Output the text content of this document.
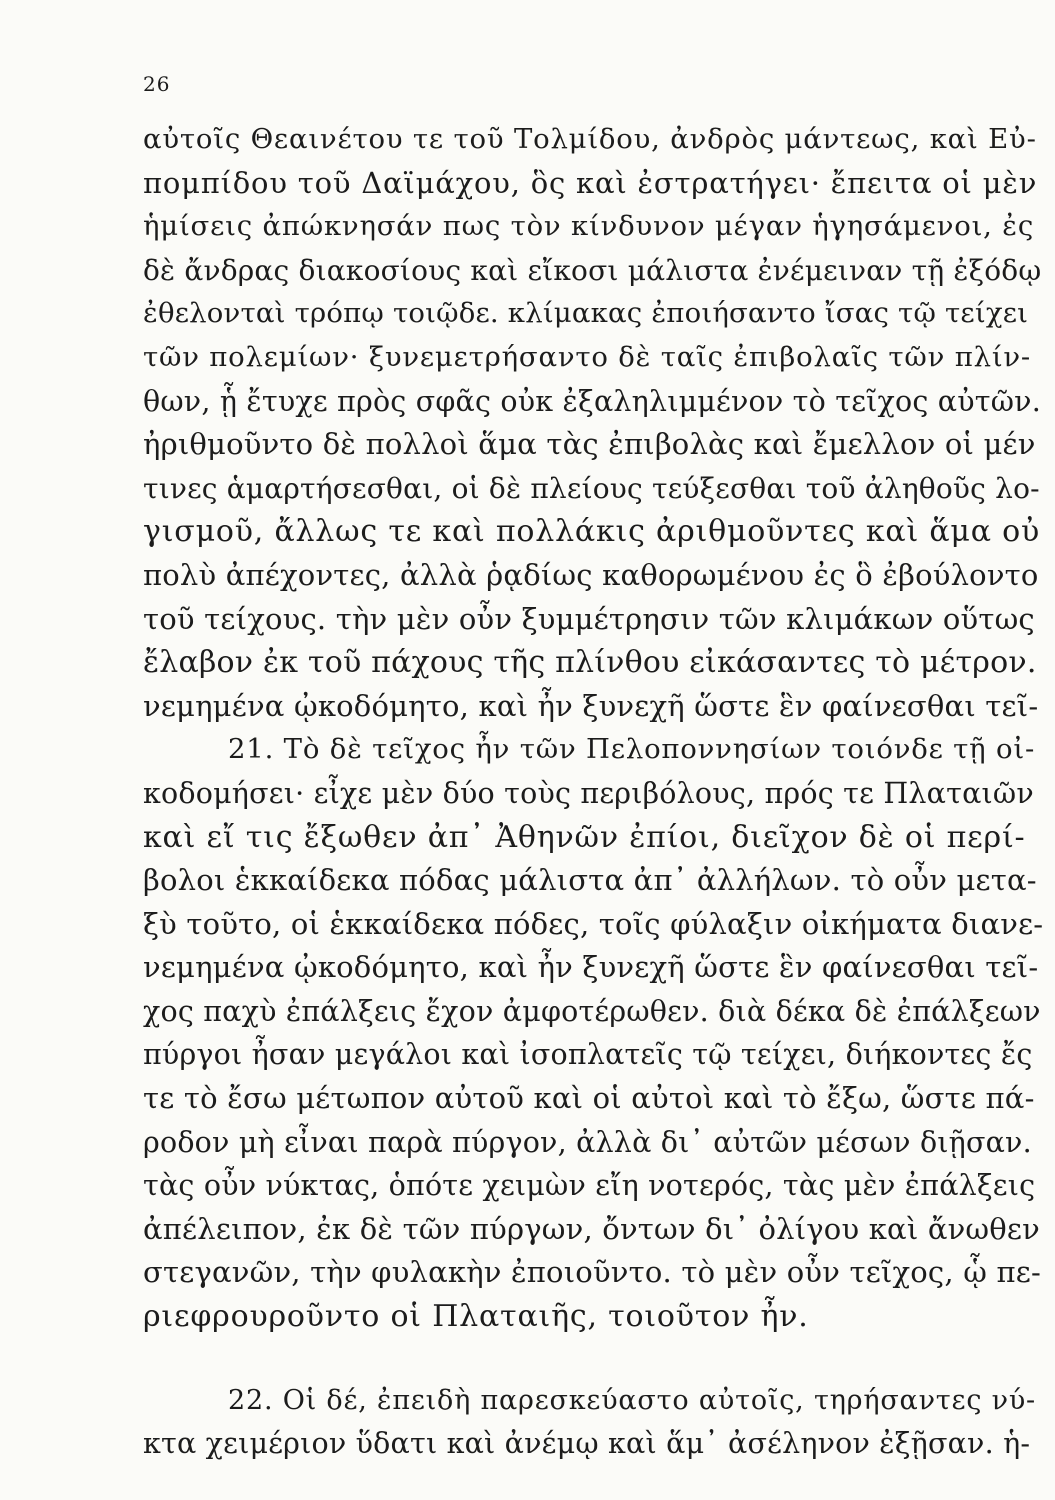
26
αὐτοῖς Θεαινέτου τε τοῦ Τολμίδου, ἀνδρὸς μάντεως, καὶ Εὐ-
πομπίδου τοῦ Δαϊμάχου, ὃς καὶ ἐστρατήγει· ἔπειτα οἱ μὲν
ἡμίσεις ἀπώκνησάν πως τὸν κίνδυνον μέγαν ἡγησάμενοι, ἐς
δὲ ἄνδρας διακοσίους καὶ εἴκοσι μάλιστα ἐνέμειναν τῇ ἐξόδῳ
ἐθελονταὶ τρόπῳ τοιῷδε. κλίμακας ἐποιήσαντο ἴσας τῷ τείχει
τῶν πολεμίων· ξυνεμετρήσαντο δὲ ταῖς ἐπιβολαῖς τῶν πλίν-
θων, ᾗ ἔτυχε πρὸς σφᾶς οὐκ ἐξαληλιμμένον τὸ τεῖχος αὐτῶν.
ἠριθμοῦντο δὲ πολλοὶ ἅμα τὰς ἐπιβολὰς καὶ ἔμελλον οἱ μέν
τινες ἁμαρτήσεσθαι, οἱ δὲ πλείους τεύξεσθαι τοῦ ἀληθοῦς λο-
γισμοῦ, ἄλλως τε καὶ πολλάκις ἀριθμοῦντες καὶ ἅμα οὐ
πολὺ ἀπέχοντες, ἀλλὰ ῥᾳδίως καθορωμένου ἐς ὃ ἐβούλοντο
τοῦ τείχους. τὴν μὲν οὖν ξυμμέτρησιν τῶν κλιμάκων οὕτως
ἔλαβον ἐκ τοῦ πάχους τῆς πλίνθου εἰκάσαντες τὸ μέτρον.
νεμημένα ᾠκοδόμητο, καὶ ἦν ξυνεχῆ ὥστε ἓν φαίνεσθαι τεῖ-
21. Τὸ δὲ τεῖχος ἦν τῶν Πελοποννησίων τοιόνδε τῇ οἰ-
κοδομήσει· εἶχε μὲν δύο τοὺς περιβόλους, πρός τε Πλαταιῶν
καὶ εἴ τις ἔξωθεν ἀπ᾽ Ἀθηνῶν ἐπίοι, διεῖχον δὲ οἱ περί-
βολοι ἑκκαίδεκα πόδας μάλιστα ἀπ᾽ ἀλλήλων. τὸ οὖν μετα-
ξὺ τοῦτο, οἱ ἑκκαίδεκα πόδες, τοῖς φύλαξιν οἰκήματα διανε-
νεμημένα ᾠκοδόμητο, καὶ ἦν ξυνεχῆ ὥστε ἓν φαίνεσθαι τεῖ-
χος παχὺ ἐπάλξεις ἔχον ἀμφοτέρωθεν. διὰ δέκα δὲ ἐπάλξεων
πύργοι ἦσαν μεγάλοι καὶ ἰσοπλατεῖς τῷ τείχει, διήκοντες ἔς
τε τὸ ἔσω μέτωπον αὐτοῦ καὶ οἱ αὐτοὶ καὶ τὸ ἔξω, ὥστε πά-
ροδον μὴ εἶναι παρὰ πύργον, ἀλλὰ δι᾽ αὐτῶν μέσων διῇσαν.
τὰς οὖν νύκτας, ὁπότε χειμὼν εἴη νοτερός, τὰς μὲν ἐπάλξεις
ἀπέλειπον, ἐκ δὲ τῶν πύργων, ὄντων δι᾽ ὀλίγου καὶ ἄνωθεν
στεγανῶν, τὴν φυλακὴν ἐποιοῦντο. τὸ μὲν οὖν τεῖχος, ᾧ πε-
ριεφρουροῦντο οἱ Πλαταιῆς, τοιοῦτον ἦν.
22. Οἱ δέ, ἐπειδὴ παρεσκεύαστο αὐτοῖς, τηρήσαντες νύ-
κτα χειμέριον ὕδατι καὶ ἀνέμῳ καὶ ἅμ᾽ ἀσέληνον ἐξῇσαν. ἡ-
